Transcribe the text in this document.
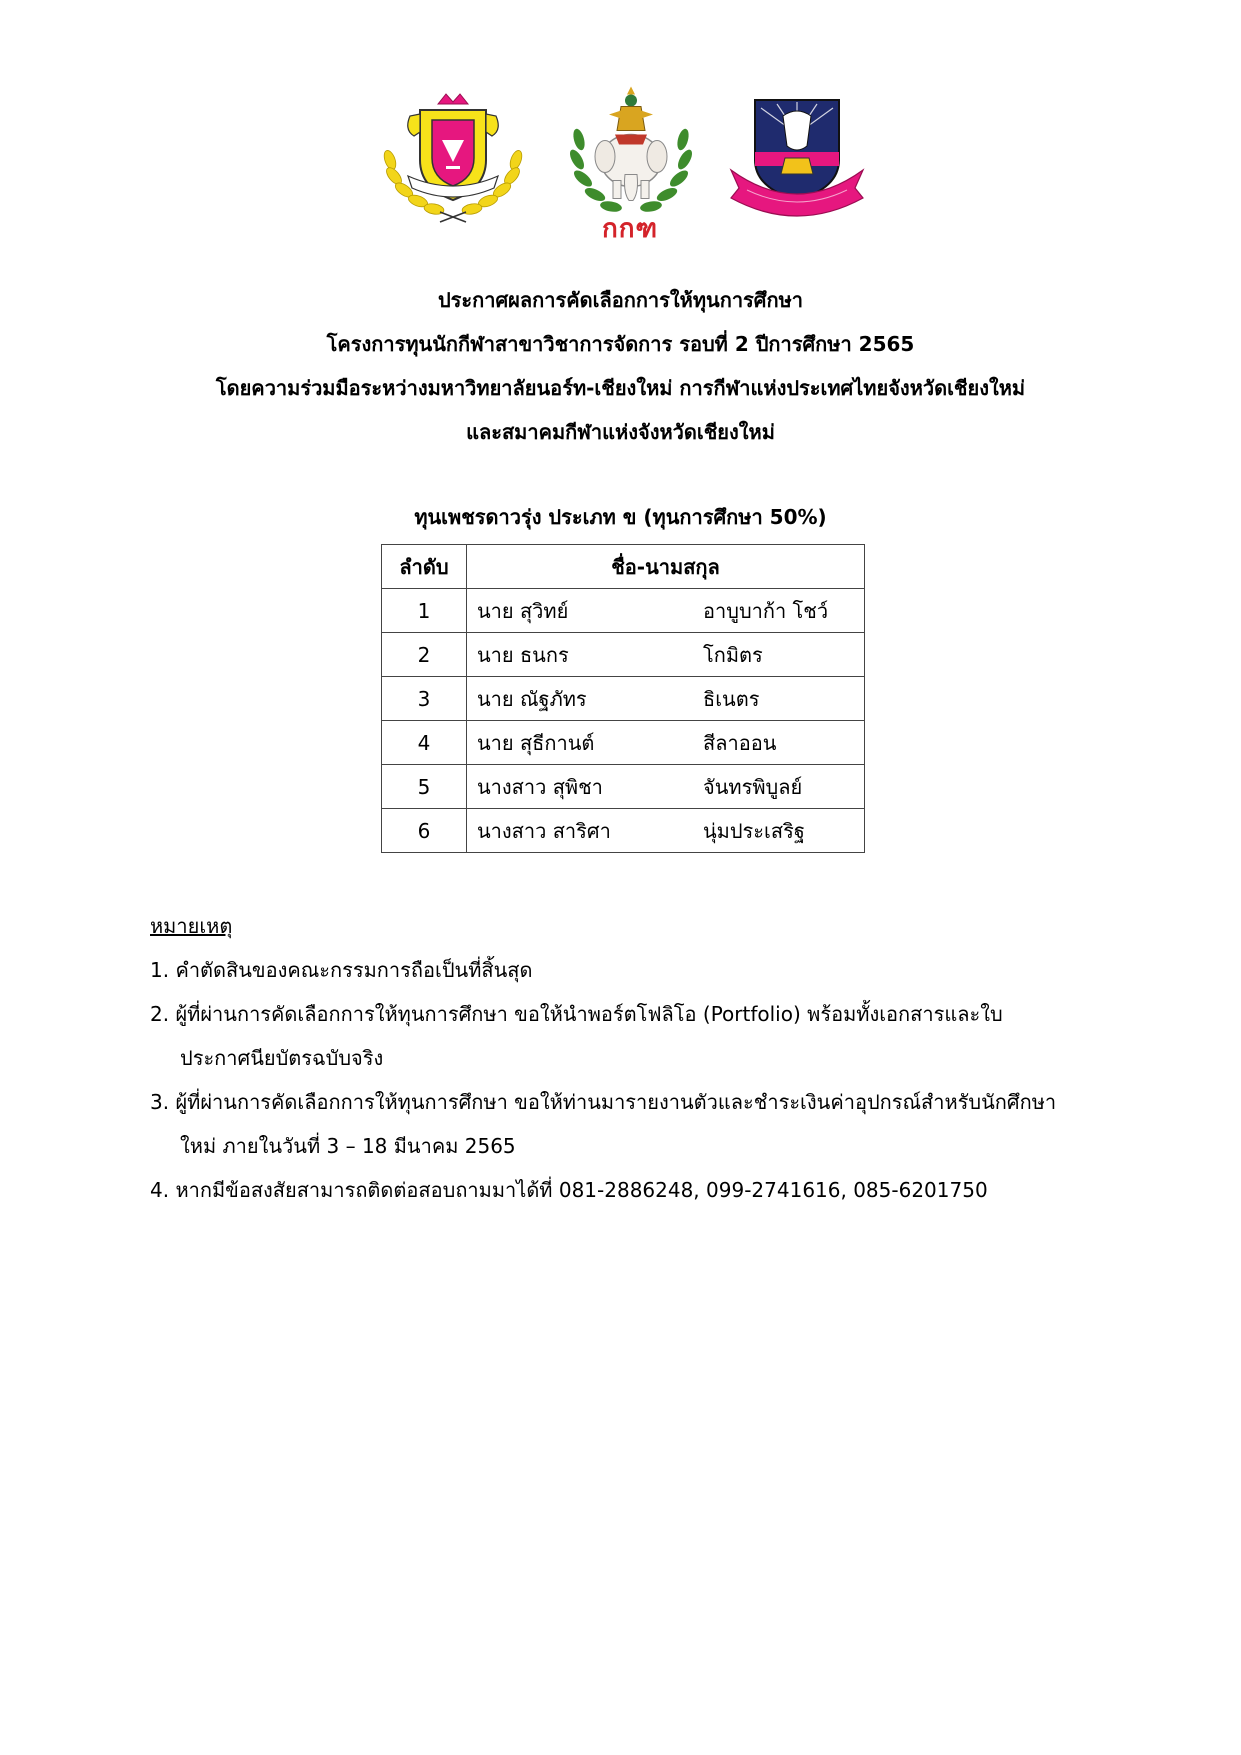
กกฑ
ประกาศผลการคัดเลือกการให้ทุนการศึกษา
โครงการทุนนักกีฬาสาขาวิชาการจัดการ รอบที่ 2 ปีการศึกษา 2565
โดยความร่วมมือระหว่างมหาวิทยาลัยนอร์ท-เชียงใหม่ การกีฬาแห่งประเทศไทยจังหวัดเชียงใหม่
และสมาคมกีฬาแห่งจังหวัดเชียงใหม่
ทุนเพชรดาวรุ่ง ประเภท ข (ทุนการศึกษา 50%)
ลำดับ	ชื่อ-นามสกุล
1	นาย สุวิทย์ อาบูบาก้า โชว์
2	นาย ธนกร โกมิตร
3	นาย ณัฐภัทร ธิเนตร
4	นาย สุธีกานต์ สีลาออน
5	นางสาว สุพิชา จันทรพิบูลย์
6	นางสาว สาริศา นุ่มประเสริฐ
หมายเหตุ
1. คำตัดสินของคณะกรรมการถือเป็นที่สิ้นสุด
2. ผู้ที่ผ่านการคัดเลือกการให้ทุนการศึกษา ขอให้นำพอร์ตโฟลิโอ (Portfolio) พร้อมทั้งเอกสารและใบ
ประกาศนียบัตรฉบับจริง
3. ผู้ที่ผ่านการคัดเลือกการให้ทุนการศึกษา ขอให้ท่านมารายงานตัวและชำระเงินค่าอุปกรณ์สำหรับนักศึกษา
ใหม่ ภายในวันที่ 3 – 18 มีนาคม 2565
4. หากมีข้อสงสัยสามารถติดต่อสอบถามมาได้ที่ 081-2886248, 099-2741616, 085-6201750
